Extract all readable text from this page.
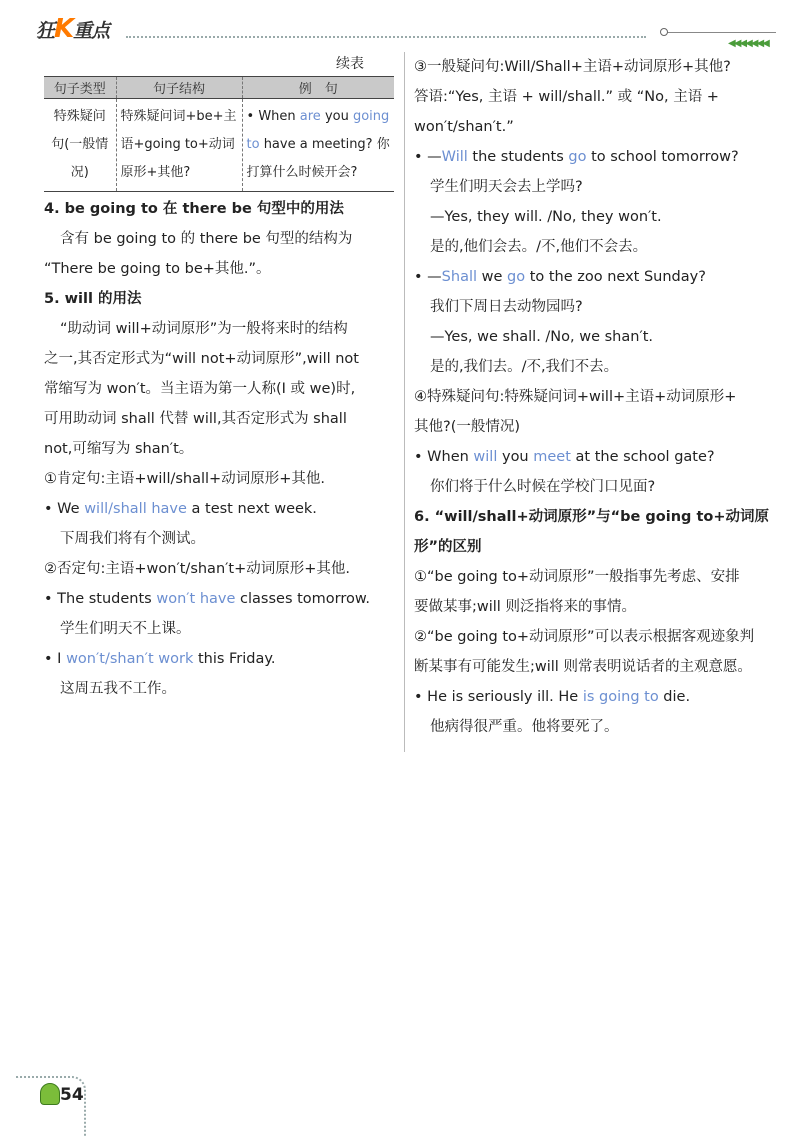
狂K重点
◀◀◀◀◀◀◀
续表
句子类型	句子结构	例　句
特殊疑问句(一般情况)	特殊疑问词+be+主语+going to+动词原形+其他?	• When are you going to have a meeting? 你打算什么时候开会?
4. be going to 在 there be 句型中的用法
含有 be going to 的 there be 句型的结构为
“There be going to be+其他.”。
5. will 的用法
“助动词 will+动词原形”为一般将来时的结构
之一,其否定形式为“will not+动词原形”,will not
常缩写为 won′t。当主语为第一人称(I 或 we)时,
可用助动词 shall 代替 will,其否定形式为 shall
not,可缩写为 shan′t。
①肯定句:主语+will/shall+动词原形+其他.
• We will/shall have a test next week.
下周我们将有个测试。
②否定句:主语+won′t/shan′t+动词原形+其他.
• The students won′t have classes tomorrow.
学生们明天不上课。
• I won′t/shan′t work this Friday.
这周五我不工作。
③一般疑问句:Will/Shall+主语+动词原形+其他?
答语:“Yes, 主语 + will/shall.” 或 “No, 主语 +
won′t/shan′t.”
• —Will the students go to school tomorrow?
学生们明天会去上学吗?
—Yes, they will. /No, they won′t.
是的,他们会去。/不,他们不会去。
• —Shall we go to the zoo next Sunday?
我们下周日去动物园吗?
—Yes, we shall. /No, we shan′t.
是的,我们去。/不,我们不去。
④特殊疑问句:特殊疑问词+will+主语+动词原形+
其他?(一般情况)
• When will you meet at the school gate?
你们将于什么时候在学校门口见面?
6. “will/shall+动词原形”与“be going to+动词原
形”的区别
①“be going to+动词原形”一般指事先考虑、安排
要做某事;will 则泛指将来的事情。
②“be going to+动词原形”可以表示根据客观迹象判
断某事有可能发生;will 则常表明说话者的主观意愿。
• He is seriously ill. He is going to die.
他病得很严重。他将要死了。
54
